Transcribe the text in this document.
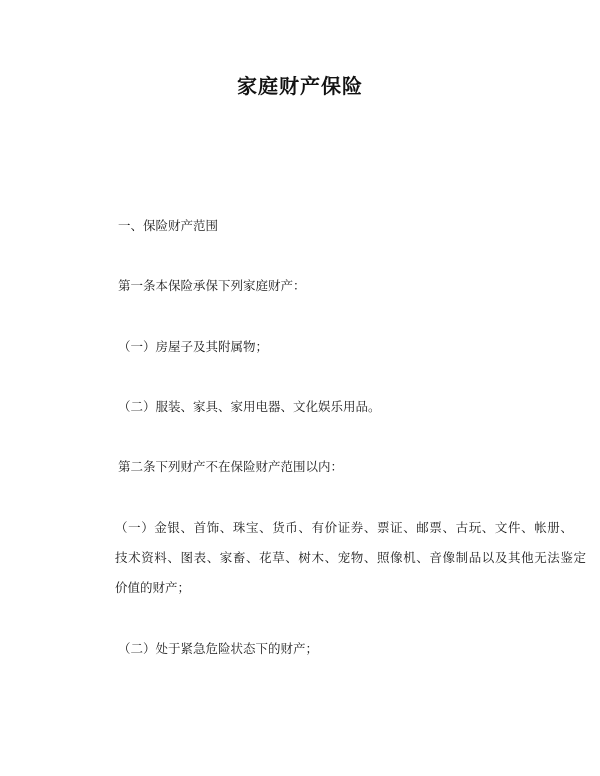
家庭财产保险
一、保险财产范围
第一条本保险承保下列家庭财产：
（一）房屋子及其附属物；
（二）服装、家具、家用电器、文化娱乐用品。
第二条下列财产不在保险财产范围以内：
（一）金银、首饰、珠宝、货币、有价证券、票证、邮票、古玩、文件、帐册、
技术资料、图表、家畜、花草、树木、宠物、照像机、音像制品以及其他无法鉴定
价值的财产；
（二）处于紧急危险状态下的财产；
